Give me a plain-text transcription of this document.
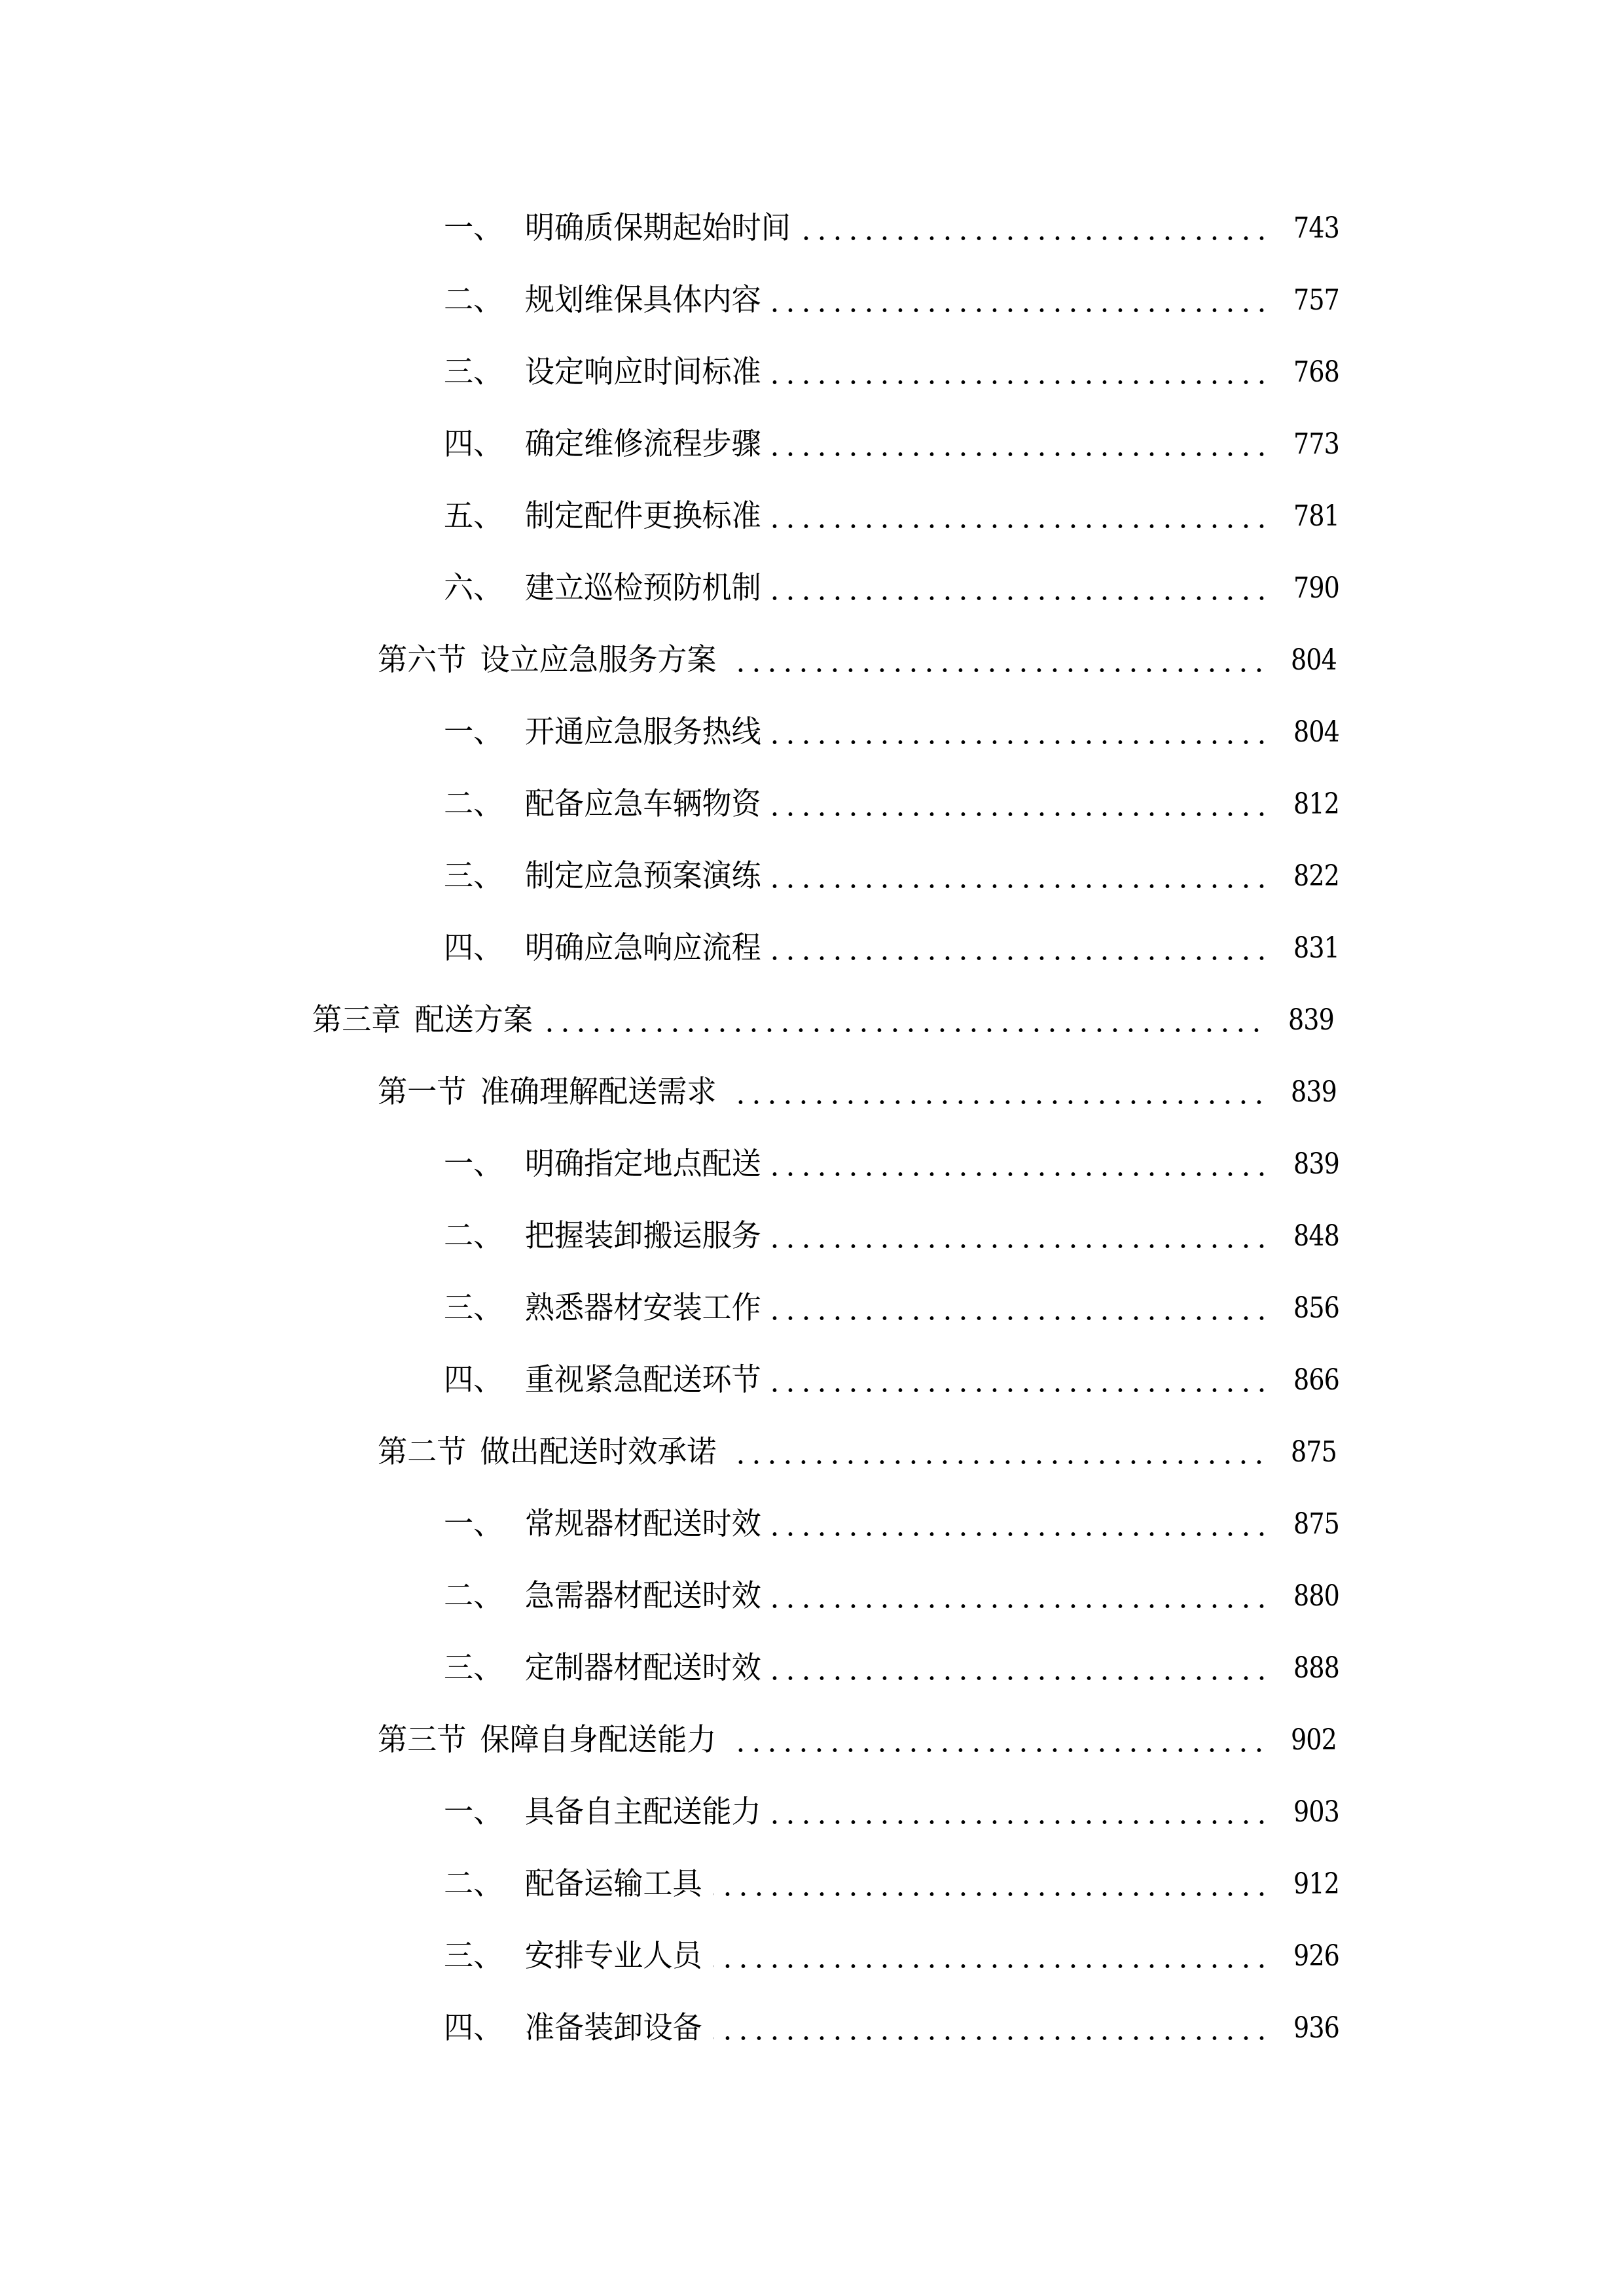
一、 明确质保期起始时间	743
二、 规划维保具体内容	757
三、 设定响应时间标准	768
四、 确定维修流程步骤	773
五、 制定配件更换标准	781
六、 建立巡检预防机制	790
第六节 设立应急服务方案	804
一、 开通应急服务热线	804
二、 配备应急车辆物资	812
三、 制定应急预案演练	822
四、 明确应急响应流程	831
第三章 配送方案	839
第一节 准确理解配送需求	839
一、 明确指定地点配送	839
二、 把握装卸搬运服务	848
三、 熟悉器材安装工作	856
四、 重视紧急配送环节	866
第二节 做出配送时效承诺	875
一、 常规器材配送时效	875
二、 急需器材配送时效	880
三、 定制器材配送时效	888
第三节 保障自身配送能力	902
一、 具备自主配送能力	903
二、 配备运输工具	912
三、 安排专业人员	926
四、 准备装卸设备	936
